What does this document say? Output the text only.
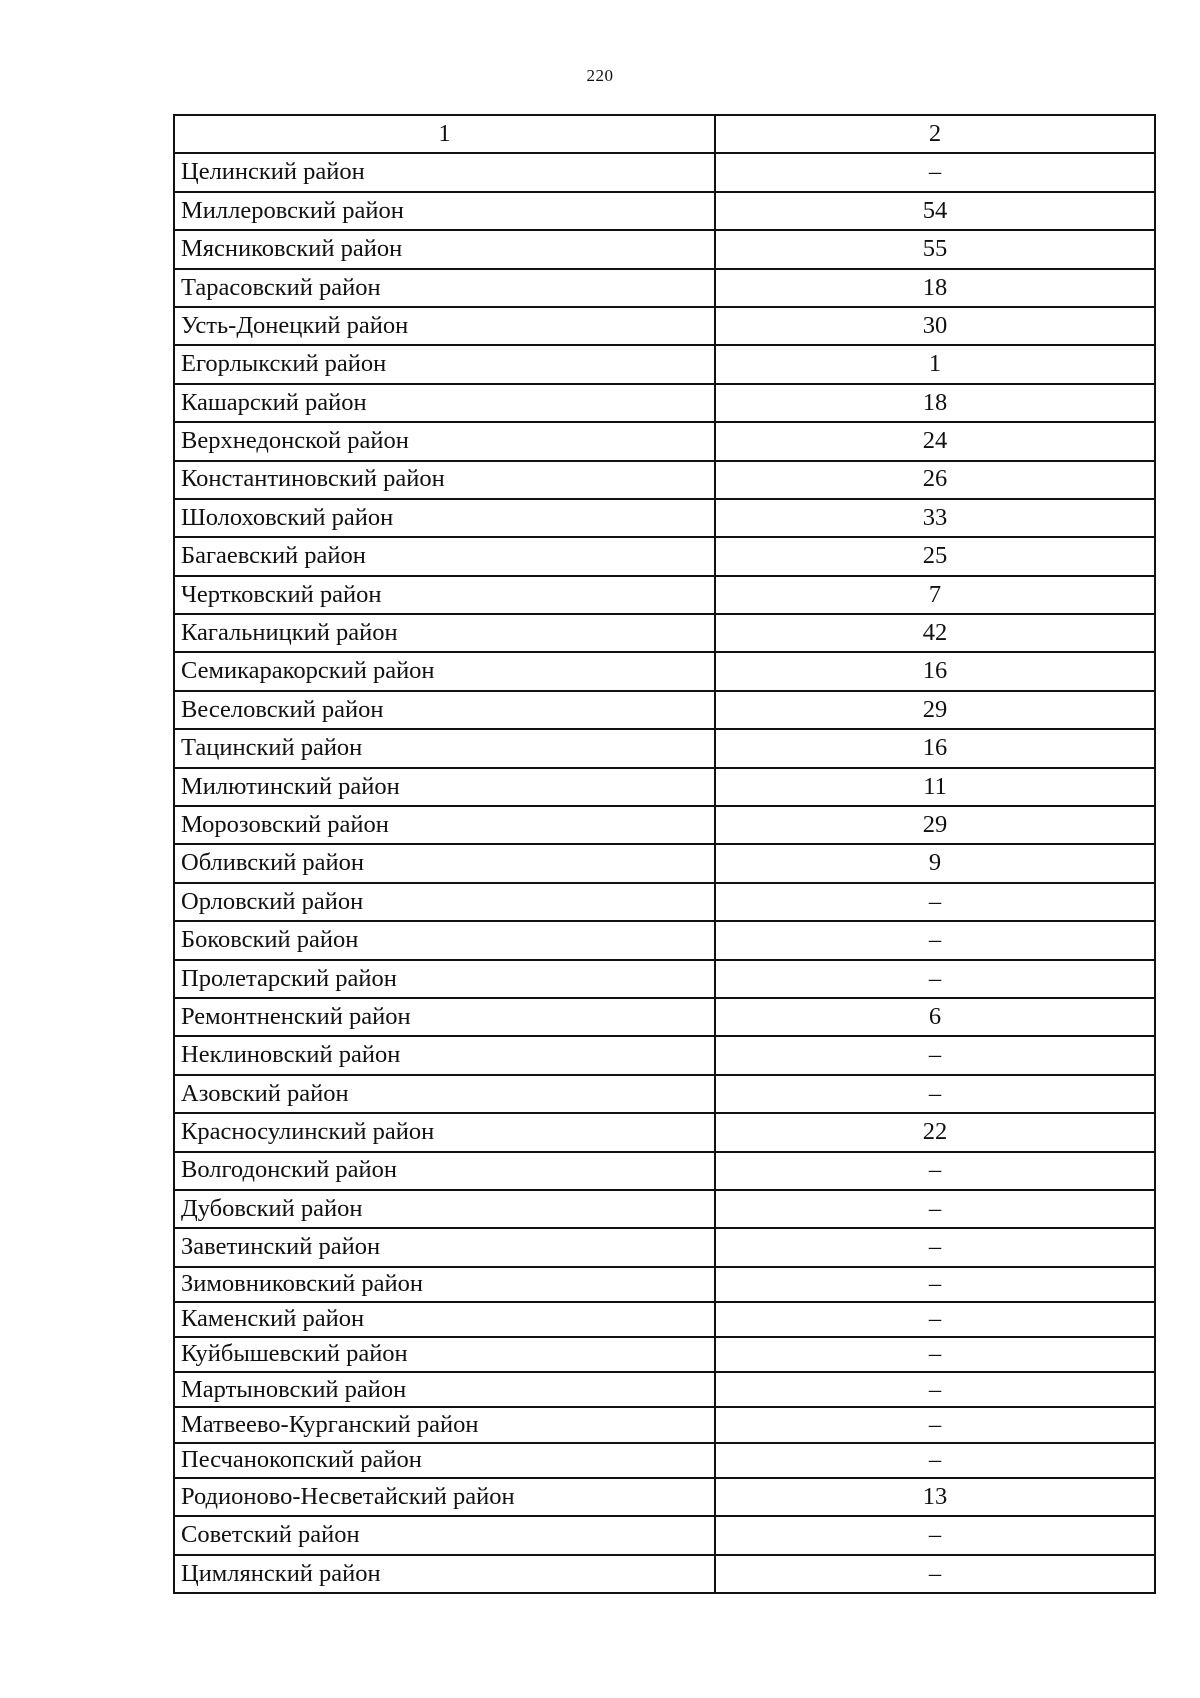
220
1	2
Целинский район	–
Миллеровский район	54
Мясниковский район	55
Тарасовский район	18
Усть-Донецкий район	30
Егорлыкский район	1
Кашарский район	18
Верхнедонской район	24
Константиновский район	26
Шолоховский район	33
Багаевский район	25
Чертковский район	7
Кагальницкий район	42
Семикаракорский район	16
Веселовский район	29
Тацинский район	16
Милютинский район	11
Морозовский район	29
Обливский район	9
Орловский район	–
Боковский район	–
Пролетарский район	–
Ремонтненский район	6
Неклиновский район	–
Азовский район	–
Красносулинский район	22
Волгодонский район	–
Дубовский район	–
Заветинский район	–
Зимовниковский район	–
Каменский район	–
Куйбышевский район	–
Мартыновский район	–
Матвеево-Курганский район	–
Песчанокопский район	–
Родионово-Несветайский район	13
Советский район	–
Цимлянский район	–
